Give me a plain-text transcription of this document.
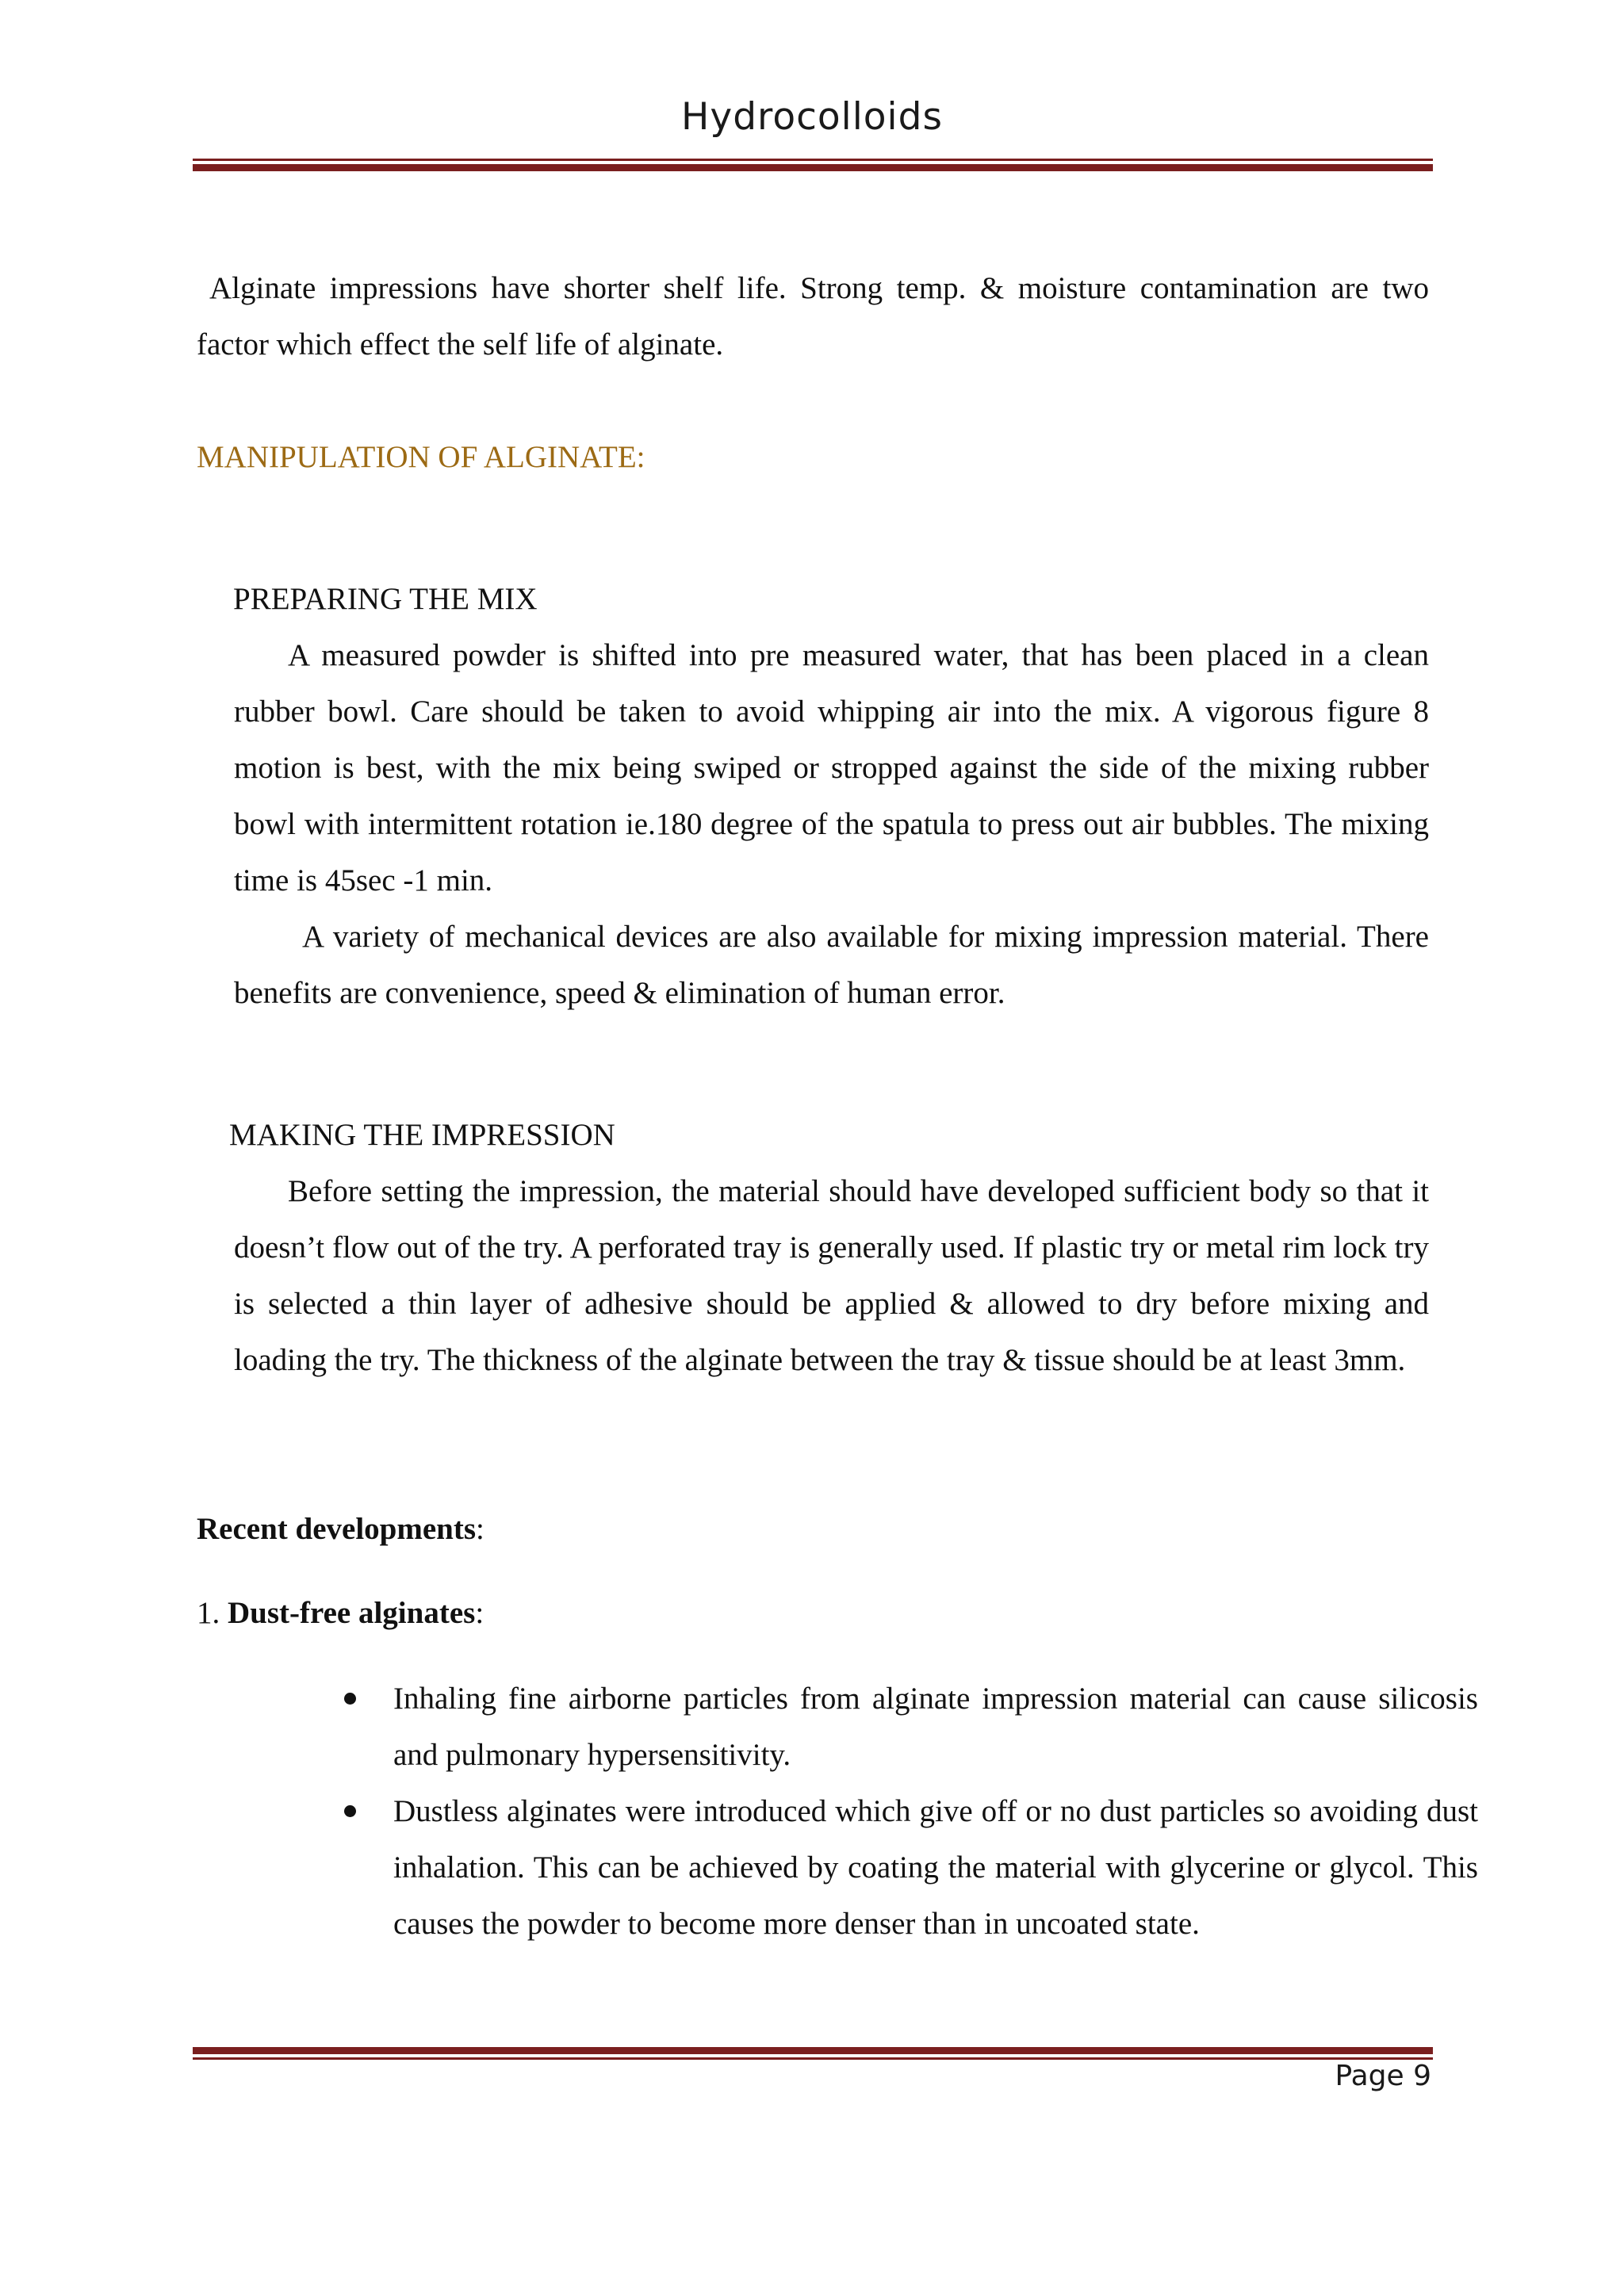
Hydrocolloids
Alginate impressions have shorter shelf life. Strong temp. & moisture contamination are two factor which effect the self life of alginate.
MANIPULATION OF ALGINATE:
PREPARING THE MIX

A measured powder is shifted into pre measured water, that has been placed in a clean rubber bowl. Care should be taken to avoid whipping air into the mix. A vigorous figure 8 motion is best, with the mix being swiped or stropped against the side of the mixing rubber bowl with intermittent rotation ie.180 degree of the spatula to press out air bubbles. The mixing time is 45sec -1 min.

A variety of mechanical devices are also available for mixing impression material. There benefits are convenience, speed & elimination of human error.

MAKING THE IMPRESSION
Before setting the impression, the material should have developed sufficient body so that it doesn’t flow out of the try. A perforated tray is generally used. If plastic try or metal rim lock try is selected a thin layer of adhesive should be applied & allowed to dry before mixing and loading the try. The thickness of the alginate between the tray & tissue should be at least 3mm.
Recent developments:
1. Dust-free alginates:
Inhaling fine airborne particles from alginate impression material can cause silicosis and pulmonary hypersensitivity.
Dustless alginates were introduced which give off or no dust particles so avoiding dust inhalation. This can be achieved by coating the material with glycerine or glycol. This causes the powder to become more denser than in uncoated state.
Page 9
